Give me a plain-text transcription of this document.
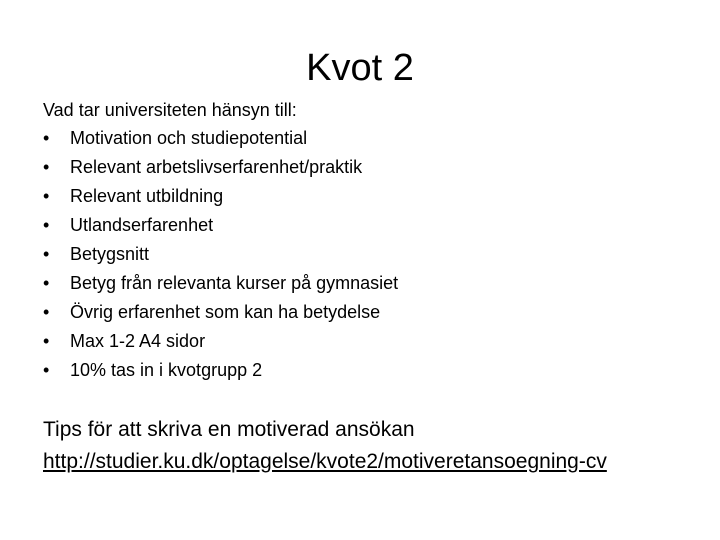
Kvot 2

Vad tar universiteten hänsyn till:

•	Motivation och studiepotential
•	Relevant arbetslivserfarenhet/praktik
•	Relevant utbildning
•	Utlandserfarenhet
•	Betygsnitt
•	Betyg från relevanta kurser på gymnasiet
•	Övrig erfarenhet som kan ha betydelse
•	Max 1-2 A4 sidor
•	10% tas in i kvotgrupp 2

Tips för att skriva en motiverad ansökan

http://studier.ku.dk/optagelse/kvote2/motiveretansoegning-cv
